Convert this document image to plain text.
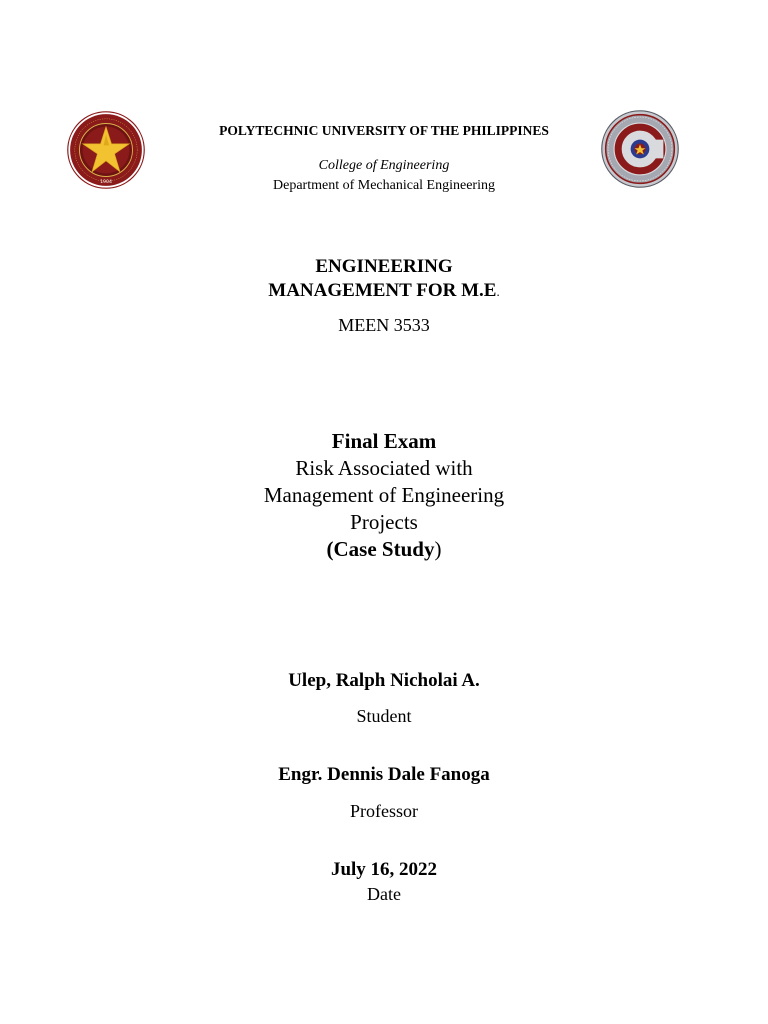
1904
POLYTECHNIC UNIVERSITY OF THE PHILIPPINES
College of Engineering
Department of Mechanical Engineering
ENGINEERING
MANAGEMENT FOR M.E.
MEEN 3533
Final Exam
Risk Associated with
Management of Engineering
Projects
(Case Study)
Ulep, Ralph Nicholai A.
Student
Engr. Dennis Dale Fanoga
Professor
July 16, 2022
Date
